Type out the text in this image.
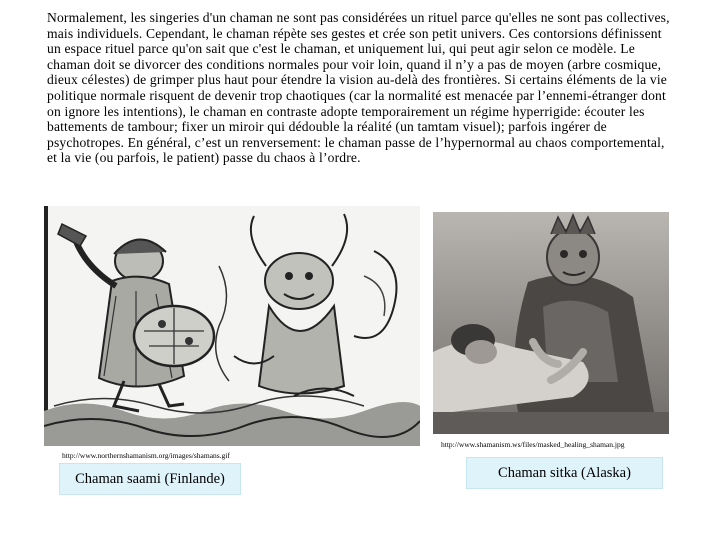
Normalement, les singeries d'un chaman ne sont pas considérées un rituel parce qu'elles ne sont pas collectives, mais individuels. Cependant, le chaman répète ses gestes et crée son petit univers. Ces contorsions définissent un espace rituel parce qu'on sait que c'est le chaman, et uniquement lui, qui peut agir selon ce modèle. Le chaman doit se divorcer des conditions normales pour voir loin, quand il n’y a pas de moyen (arbre cosmique, dieux célestes) de grimper plus haut pour étendre la vision au-delà des frontières. Si certains éléments de la vie politique normale risquent de devenir trop chaotiques (car la normalité est menacée par l’ennemi-étranger dont on ignore les intentions), le chaman en contraste adopte temporairement un régime hyperrigide: écouter les battements de tambour; fixer un miroir qui dédouble la réalité (un tamtam visuel); parfois ingérer de psychotropes. En général, c’est un renversement: le chaman passe de l’hypernormal au chaos comportemental, et la vie (ou parfois, le patient) passe du chaos à l’ordre.

http://www.northernshamanism.org/images/shamans.gif
Chaman saami (Finlande)
http://www.shamanism.ws/files/masked_healing_shaman.jpg
Chaman sitka (Alaska)
